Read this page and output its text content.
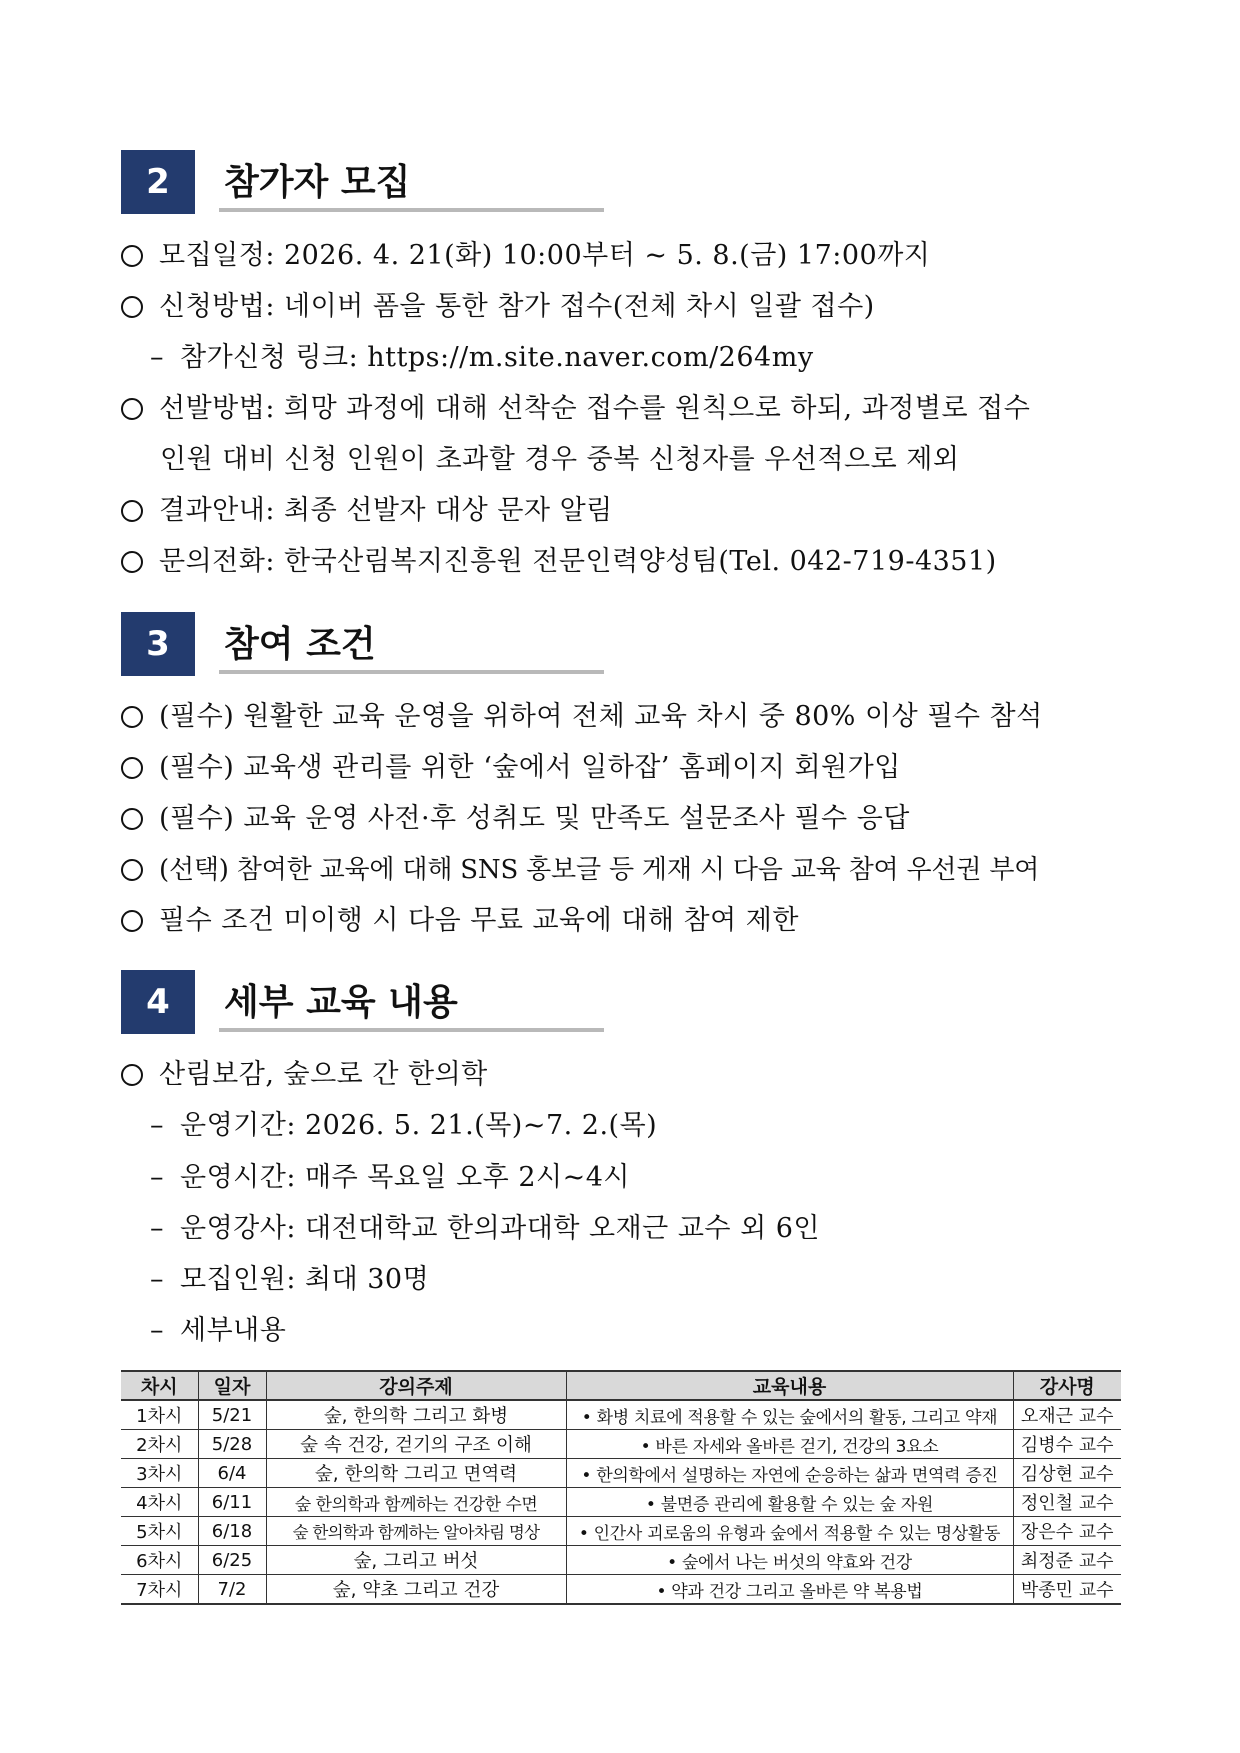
2	참가자 모집
모집일정: 2026. 4. 21(화) 10:00부터 ~ 5. 8.(금) 17:00까지
신청방법: 네이버 폼을 통한 참가 접수(전체 차시 일괄 접수)
– 참가신청 링크: https://m.site.naver.com/264my
선발방법: 희망 과정에 대해 선착순 접수를 원칙으로 하되, 과정별로 접수
인원 대비 신청 인원이 초과할 경우 중복 신청자를 우선적으로 제외
결과안내: 최종 선발자 대상 문자 알림
문의전화: 한국산림복지진흥원 전문인력양성팀(Tel. 042-719-4351)
3	참여 조건
(필수) 원활한 교육 운영을 위하여 전체 교육 차시 중 80% 이상 필수 참석
(필수) 교육생 관리를 위한 ‘숲에서 일하잡’ 홈페이지 회원가입
(필수) 교육 운영 사전·후 성취도 및 만족도 설문조사 필수 응답
(선택) 참여한 교육에 대해 SNS 홍보글 등 게재 시 다음 교육 참여 우선권 부여
필수 조건 미이행 시 다음 무료 교육에 대해 참여 제한
4	세부 교육 내용
산림보감, 숲으로 간 한의학
– 운영기간: 2026. 5. 21.(목)~7. 2.(목)
– 운영시간: 매주 목요일 오후 2시~4시
– 운영강사: 대전대학교 한의과대학 오재근 교수 외 6인
– 모집인원: 최대 30명
– 세부내용
차시	일자	강의주제	교육내용	강사명
1차시	5/21	숲, 한의학 그리고 화병	• 화병 치료에 적용할 수 있는 숲에서의 활동, 그리고 약재	오재근 교수
2차시	5/28	숲 속 건강, 걷기의 구조 이해	• 바른 자세와 올바른 걷기, 건강의 3요소	김병수 교수
3차시	6/4	숲, 한의학 그리고 면역력	• 한의학에서 설명하는 자연에 순응하는 삶과 면역력 증진	김상현 교수
4차시	6/11	숲 한의학과 함께하는 건강한 수면	• 불면증 관리에 활용할 수 있는 숲 자원	정인철 교수
5차시	6/18	숲 한의학과 함께하는 알아차림 명상	• 인간사 괴로움의 유형과 숲에서 적용할 수 있는 명상활동	장은수 교수
6차시	6/25	숲, 그리고 버섯	• 숲에서 나는 버섯의 약효와 건강	최정준 교수
7차시	7/2	숲, 약초 그리고 건강	• 약과 건강 그리고 올바른 약 복용법	박종민 교수
